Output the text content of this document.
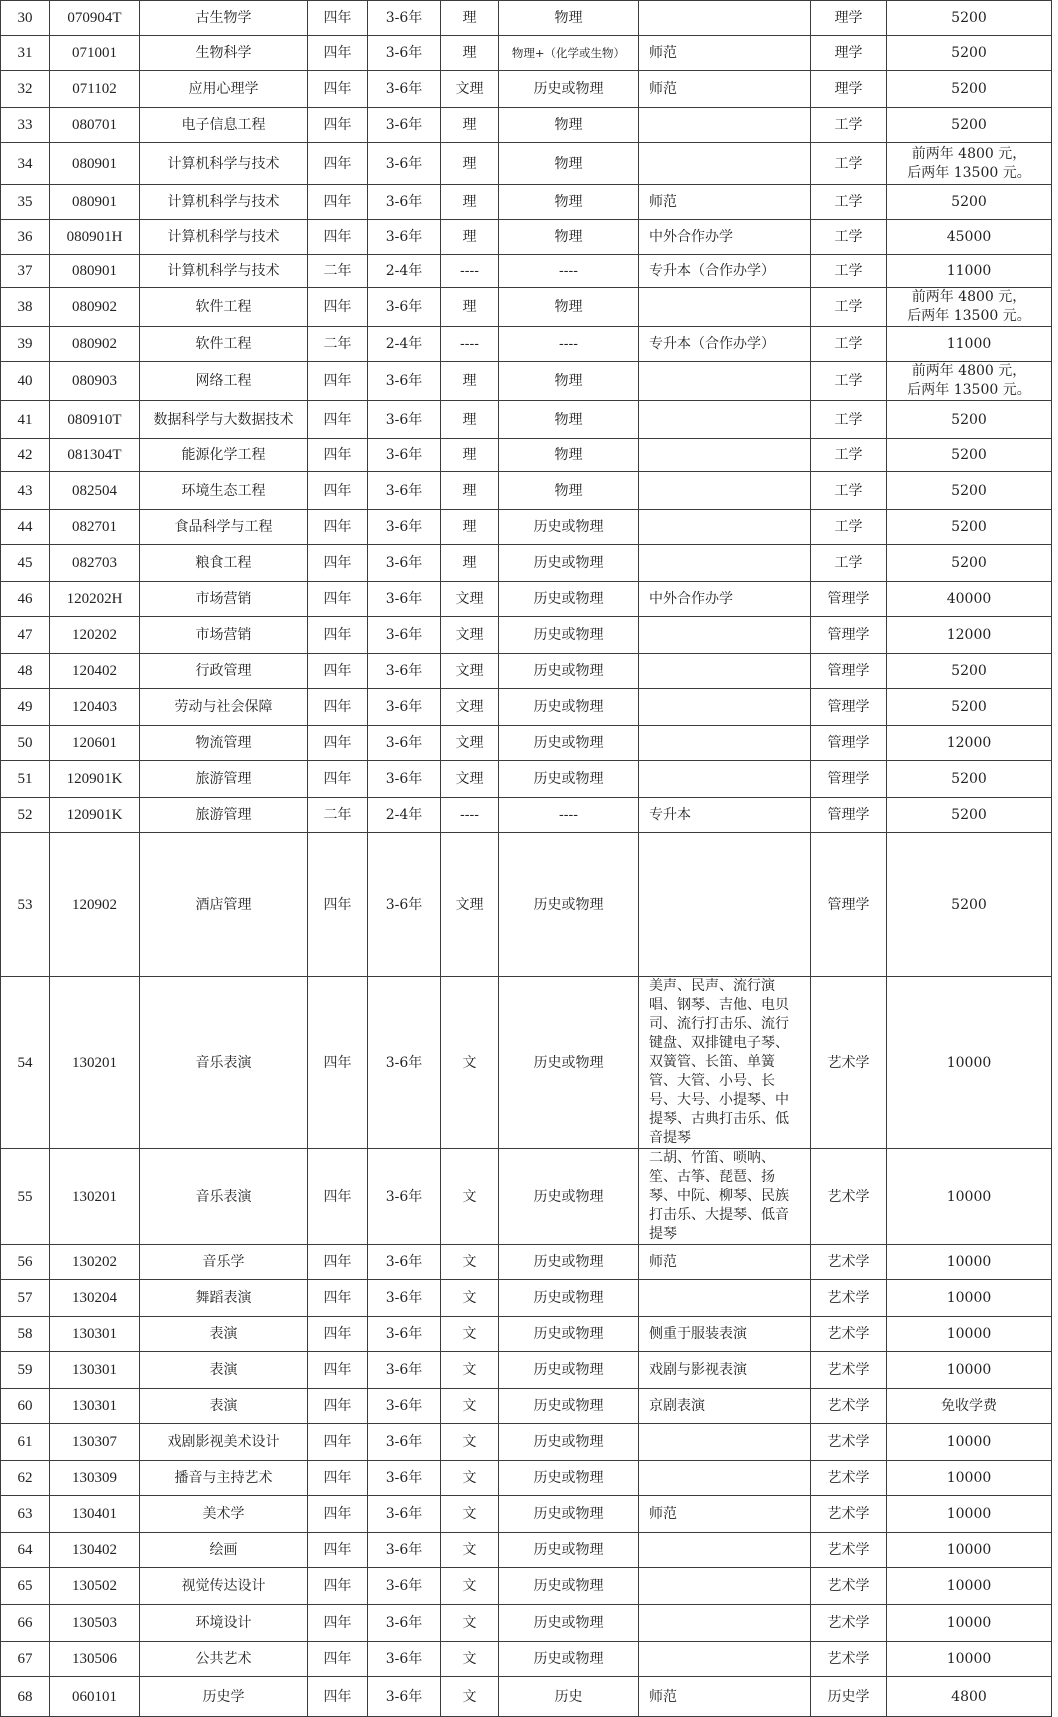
30	070904T	古生物学	四年	3-6年	理	物理		理学	5200
31	071001	生物科学	四年	3-6年	理	物理+（化学或生物）	师范	理学	5200
32	071102	应用心理学	四年	3-6年	文理	历史或物理	师范	理学	5200
33	080701	电子信息工程	四年	3-6年	理	物理		工学	5200
34	080901	计算机科学与技术	四年	3-6年	理	物理		工学	前两年 4800 元，
后两年 13500 元。
35	080901	计算机科学与技术	四年	3-6年	理	物理	师范	工学	5200
36	080901H	计算机科学与技术	四年	3-6年	理	物理	中外合作办学	工学	45000
37	080901	计算机科学与技术	二年	2-4年	----	----	专升本（合作办学）	工学	11000
38	080902	软件工程	四年	3-6年	理	物理		工学	前两年 4800 元，
后两年 13500 元。
39	080902	软件工程	二年	2-4年	----	----	专升本（合作办学）	工学	11000
40	080903	网络工程	四年	3-6年	理	物理		工学	前两年 4800 元，
后两年 13500 元。
41	080910T	数据科学与大数据技术	四年	3-6年	理	物理		工学	5200
42	081304T	能源化学工程	四年	3-6年	理	物理		工学	5200
43	082504	环境生态工程	四年	3-6年	理	物理		工学	5200
44	082701	食品科学与工程	四年	3-6年	理	历史或物理		工学	5200
45	082703	粮食工程	四年	3-6年	理	历史或物理		工学	5200
46	120202H	市场营销	四年	3-6年	文理	历史或物理	中外合作办学	管理学	40000
47	120202	市场营销	四年	3-6年	文理	历史或物理		管理学	12000
48	120402	行政管理	四年	3-6年	文理	历史或物理		管理学	5200
49	120403	劳动与社会保障	四年	3-6年	文理	历史或物理		管理学	5200
50	120601	物流管理	四年	3-6年	文理	历史或物理		管理学	12000
51	120901K	旅游管理	四年	3-6年	文理	历史或物理		管理学	5200
52	120901K	旅游管理	二年	2-4年	----	----	专升本	管理学	5200
53	120902	酒店管理	四年	3-6年	文理	历史或物理		管理学	5200
54	130201	音乐表演	四年	3-6年	文	历史或物理	美声、民声、流行演唱、钢琴、吉他、电贝司、流行打击乐、流行键盘、双排键电子琴、双簧管、长笛、单簧管、大管、小号、长号、大号、小提琴、中提琴、古典打击乐、低音提琴	艺术学	10000
55	130201	音乐表演	四年	3-6年	文	历史或物理	二胡、竹笛、唢呐、笙、古筝、琵琶、扬琴、中阮、柳琴、民族打击乐、大提琴、低音提琴	艺术学	10000
56	130202	音乐学	四年	3-6年	文	历史或物理	师范	艺术学	10000
57	130204	舞蹈表演	四年	3-6年	文	历史或物理		艺术学	10000
58	130301	表演	四年	3-6年	文	历史或物理	侧重于服装表演	艺术学	10000
59	130301	表演	四年	3-6年	文	历史或物理	戏剧与影视表演	艺术学	10000
60	130301	表演	四年	3-6年	文	历史或物理	京剧表演	艺术学	免收学费
61	130307	戏剧影视美术设计	四年	3-6年	文	历史或物理		艺术学	10000
62	130309	播音与主持艺术	四年	3-6年	文	历史或物理		艺术学	10000
63	130401	美术学	四年	3-6年	文	历史或物理	师范	艺术学	10000
64	130402	绘画	四年	3-6年	文	历史或物理		艺术学	10000
65	130502	视觉传达设计	四年	3-6年	文	历史或物理		艺术学	10000
66	130503	环境设计	四年	3-6年	文	历史或物理		艺术学	10000
67	130506	公共艺术	四年	3-6年	文	历史或物理		艺术学	10000
68	060101	历史学	四年	3-6年	文	历史	师范	历史学	4800
